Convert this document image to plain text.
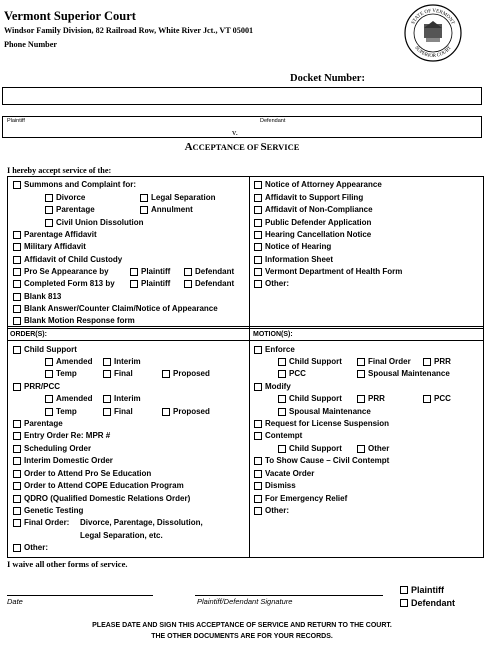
Vermont Superior Court
Windsor Family Division, 82 Railroad Row, White River Jct., VT 05001
Phone Number
STATE OF VERMONT
SUPERIOR COURT
Docket Number:
Plaintiff	Defendant
v.
ACCEPTANCE OF SERVICE
I hereby accept service of the:
Summons and Complaint for:
Divorce	Legal Separation
Parentage	Annulment
Civil Union Dissolution
Parentage Affidavit
Military Affidavit
Affidavit of Child Custody
Pro Se Appearance by	Plaintiff	Defendant
Completed Form 813 by	Plaintiff	Defendant
Blank 813
Blank Answer/Counter Claim/Notice of Appearance
Blank Motion Response form
Notice of Attorney Appearance
Affidavit to Support Filing
Affidavit of Non-Compliance
Public Defender Application
Hearing Cancellation Notice
Notice of Hearing
Information Sheet
Vermont Department of Health Form
Other:
ORDER(S):	MOTION(S):
Child Support
Amended	Interim
Temp	Final	Proposed
PRR/PCC
Amended	Interim
Temp	Final	Proposed
Parentage
Entry Order Re: MPR #
Scheduling Order
Interim Domestic Order
Order to Attend Pro Se Education
Order to Attend COPE Education Program
QDRO (Qualified Domestic Relations Order)
Genetic Testing
Final Order: Divorce, Parentage, Dissolution,
Legal Separation, etc.
Other:
Enforce
Child Support	Final Order	PRR
PCC	Spousal Maintenance
Modify
Child Support	PRR	PCC
Spousal Maintenance
Request for License Suspension
Contempt
Child Support	Other
To Show Cause – Civil Contempt
Vacate Order
Dismiss
For Emergency Relief
Other:
I waive all other forms of service.
Date	Plaintiff/Defendant Signature
Plaintiff
Defendant
PLEASE DATE AND SIGN THIS ACCEPTANCE OF SERVICE AND RETURN TO THE COURT.
THE OTHER DOCUMENTS ARE FOR YOUR RECORDS.
